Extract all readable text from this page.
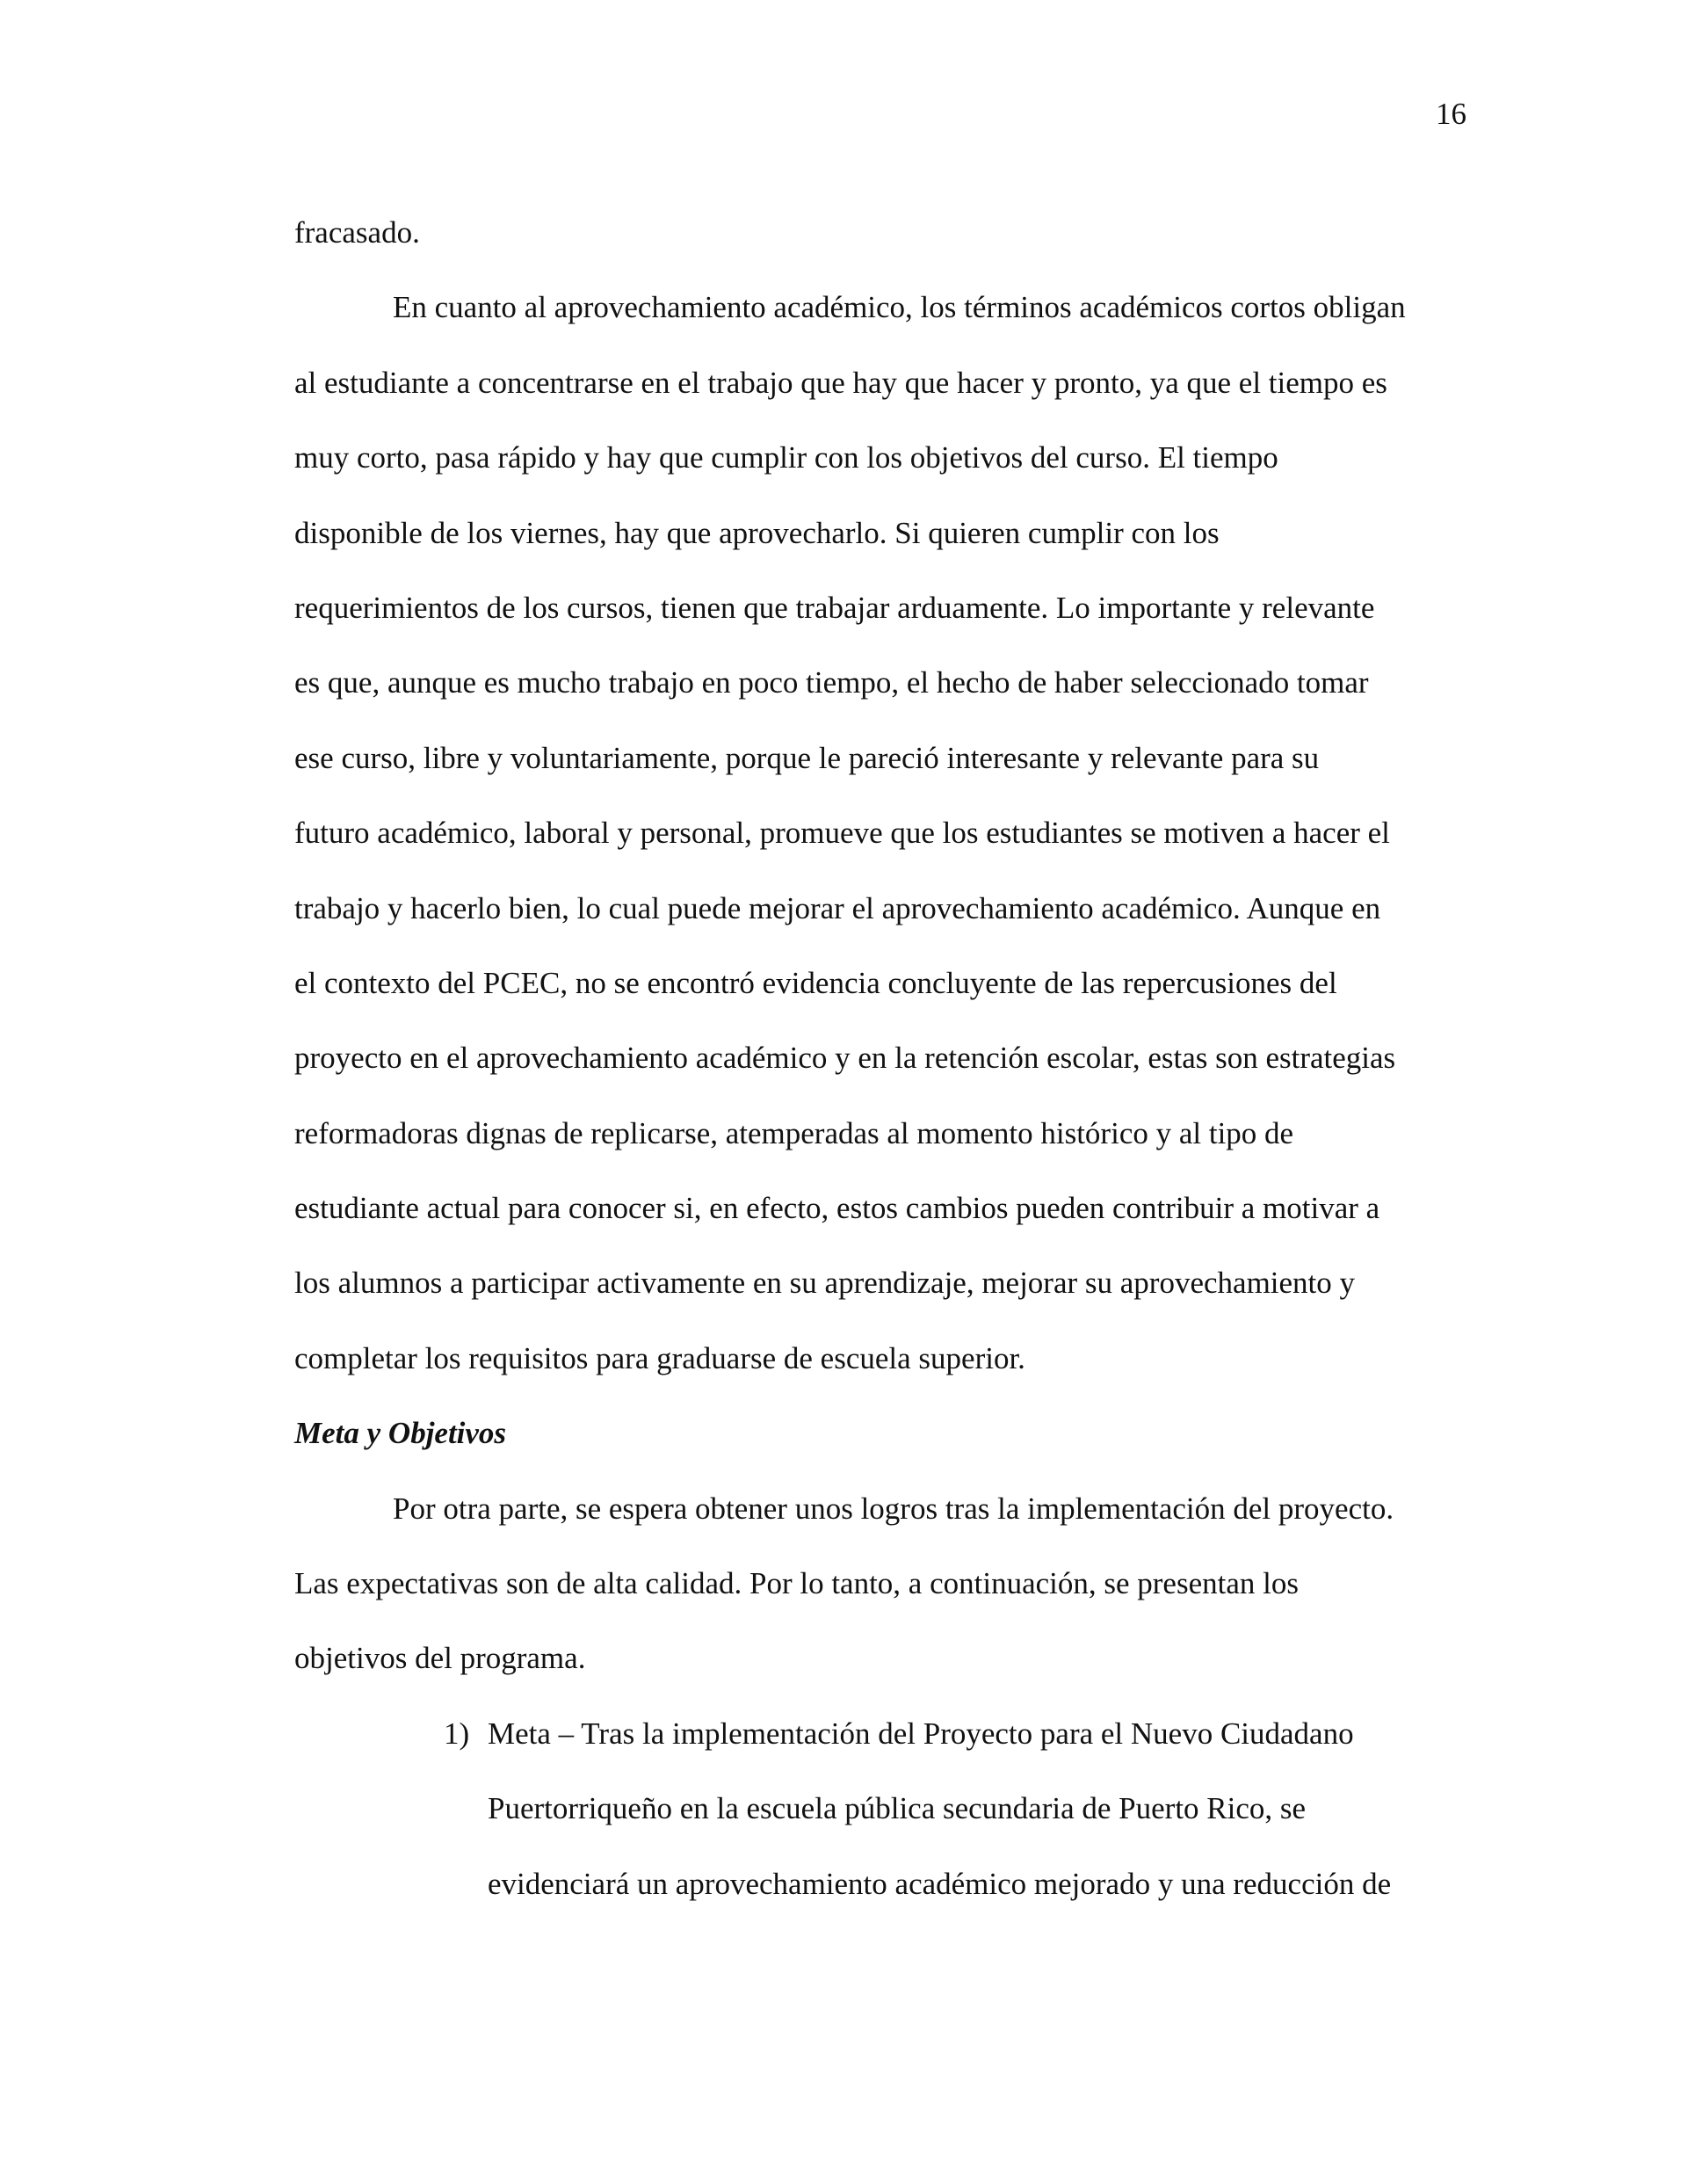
16
fracasado.
En cuanto al aprovechamiento académico, los términos académicos cortos obligan
al estudiante a concentrarse en el trabajo que hay que hacer y pronto, ya que el tiempo es
muy corto, pasa rápido y hay que cumplir con los objetivos del curso. El tiempo
disponible de los viernes, hay que aprovecharlo. Si quieren cumplir con los
requerimientos de los cursos, tienen que trabajar arduamente. Lo importante y relevante
es que, aunque es mucho trabajo en poco tiempo, el hecho de haber seleccionado tomar
ese curso, libre y voluntariamente, porque le pareció interesante y relevante para su
futuro académico, laboral y personal, promueve que los estudiantes se motiven a hacer el
trabajo y hacerlo bien, lo cual puede mejorar el aprovechamiento académico. Aunque en
el contexto del PCEC, no se encontró evidencia concluyente de las repercusiones del
proyecto en el aprovechamiento académico y en la retención escolar, estas son estrategias
reformadoras dignas de replicarse, atemperadas al momento histórico y al tipo de
estudiante actual para conocer si, en efecto, estos cambios pueden contribuir a motivar a
los alumnos a participar activamente en su aprendizaje, mejorar su aprovechamiento y
completar los requisitos para graduarse de escuela superior.
Meta y Objetivos
Por otra parte, se espera obtener unos logros tras la implementación del proyecto.
Las expectativas son de alta calidad. Por lo tanto, a continuación, se presentan los
objetivos del programa.
1) Meta – Tras la implementación del Proyecto para el Nuevo Ciudadano
Puertorriqueño en la escuela pública secundaria de Puerto Rico, se
evidenciará un aprovechamiento académico mejorado y una reducción de
